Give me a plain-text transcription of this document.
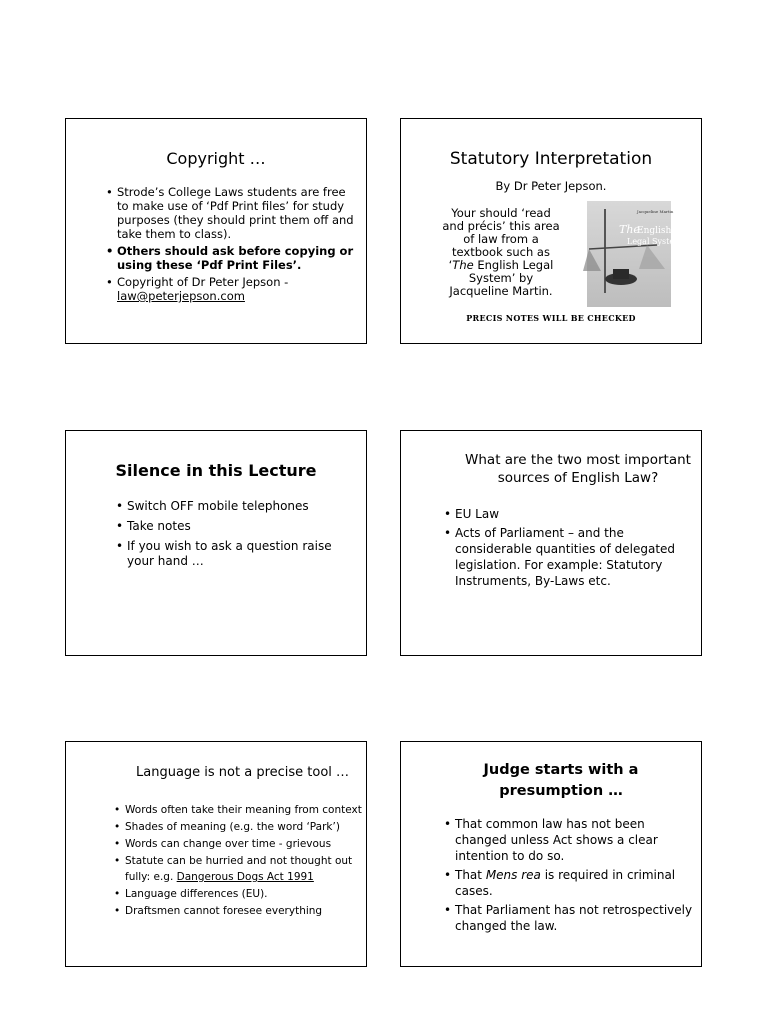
Copyright …
• Strode’s College Laws students are free to make use of ‘Pdf Print files’ for study purposes (they should print them off and take them to class).
• Others should ask before copying or using these ‘Pdf Print Files’.
• Copyright of Dr Peter Jepson -
law@peterjepson.com
Statutory Interpretation
By Dr Peter Jepson.
Your should ‘read and précis’ this area of law from a textbook such as ‘The English Legal System’ by Jacqueline Martin.
Jacqueline Martin
The
English
Legal System
PRECIS NOTES WILL BE CHECKED
Silence in this Lecture
• Switch OFF mobile telephones
• Take notes
• If you wish to ask a question raise your hand …
What are the two most important sources of English Law?
• EU Law
• Acts of Parliament – and the considerable quantities of delegated legislation. For example: Statutory Instruments, By-Laws etc.
Language is not a precise tool …
• Words often take their meaning from context
• Shades of meaning (e.g. the word ‘Park’)
• Words can change over time - grievous
• Statute can be hurried and not thought out fully: e.g. Dangerous Dogs Act 1991
• Language differences (EU).
• Draftsmen cannot foresee everything
Judge starts with a presumption …
• That common law has not been changed unless Act shows a clear intention to do so.
• That Mens rea is required in criminal cases.
• That Parliament has not retrospectively changed the law.
